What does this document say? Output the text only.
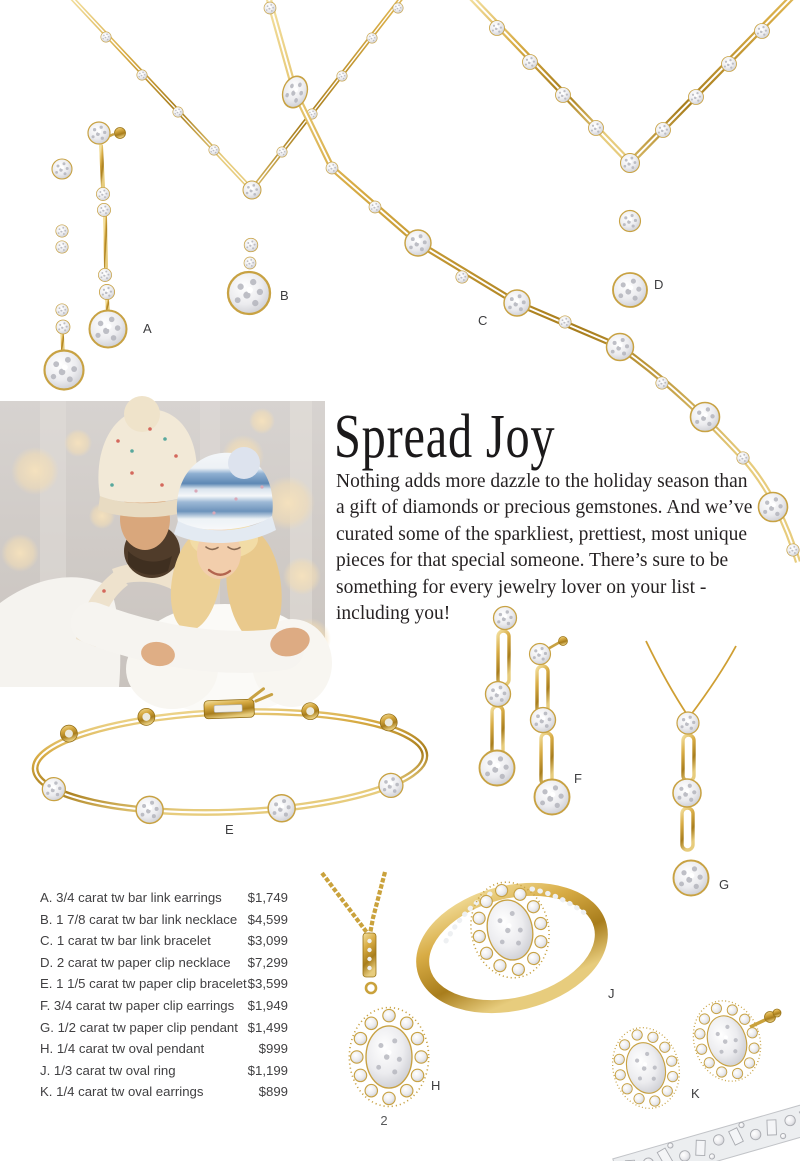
Spread Joy
Nothing adds more dazzle to the holiday season than
a gift of diamonds or precious gemstones. And we’ve
curated some of the sparkliest, prettiest, most unique
pieces for that special someone. There’s sure to be
something for every jewelry lover on your list -
including you!
A
B
C
D
E
F
G
H
J
K
A. 3/4 carat tw bar link earrings $1,749
B. 1 7/8 carat tw bar link necklace $4,599
C. 1 carat tw bar link bracelet	$3,099
D. 2 carat tw paper clip necklace $7,299
E. 1 1/5 carat tw paper clip bracelet $3,599
F. 3/4 carat tw paper clip earrings $1,949
G. 1/2 carat tw paper clip pendant $1,499
H. 1/4 carat tw oval pendant	$999
J. 1/3 carat tw oval ring	$1,199
K. 1/4 carat tw oval earrings	$899
2
